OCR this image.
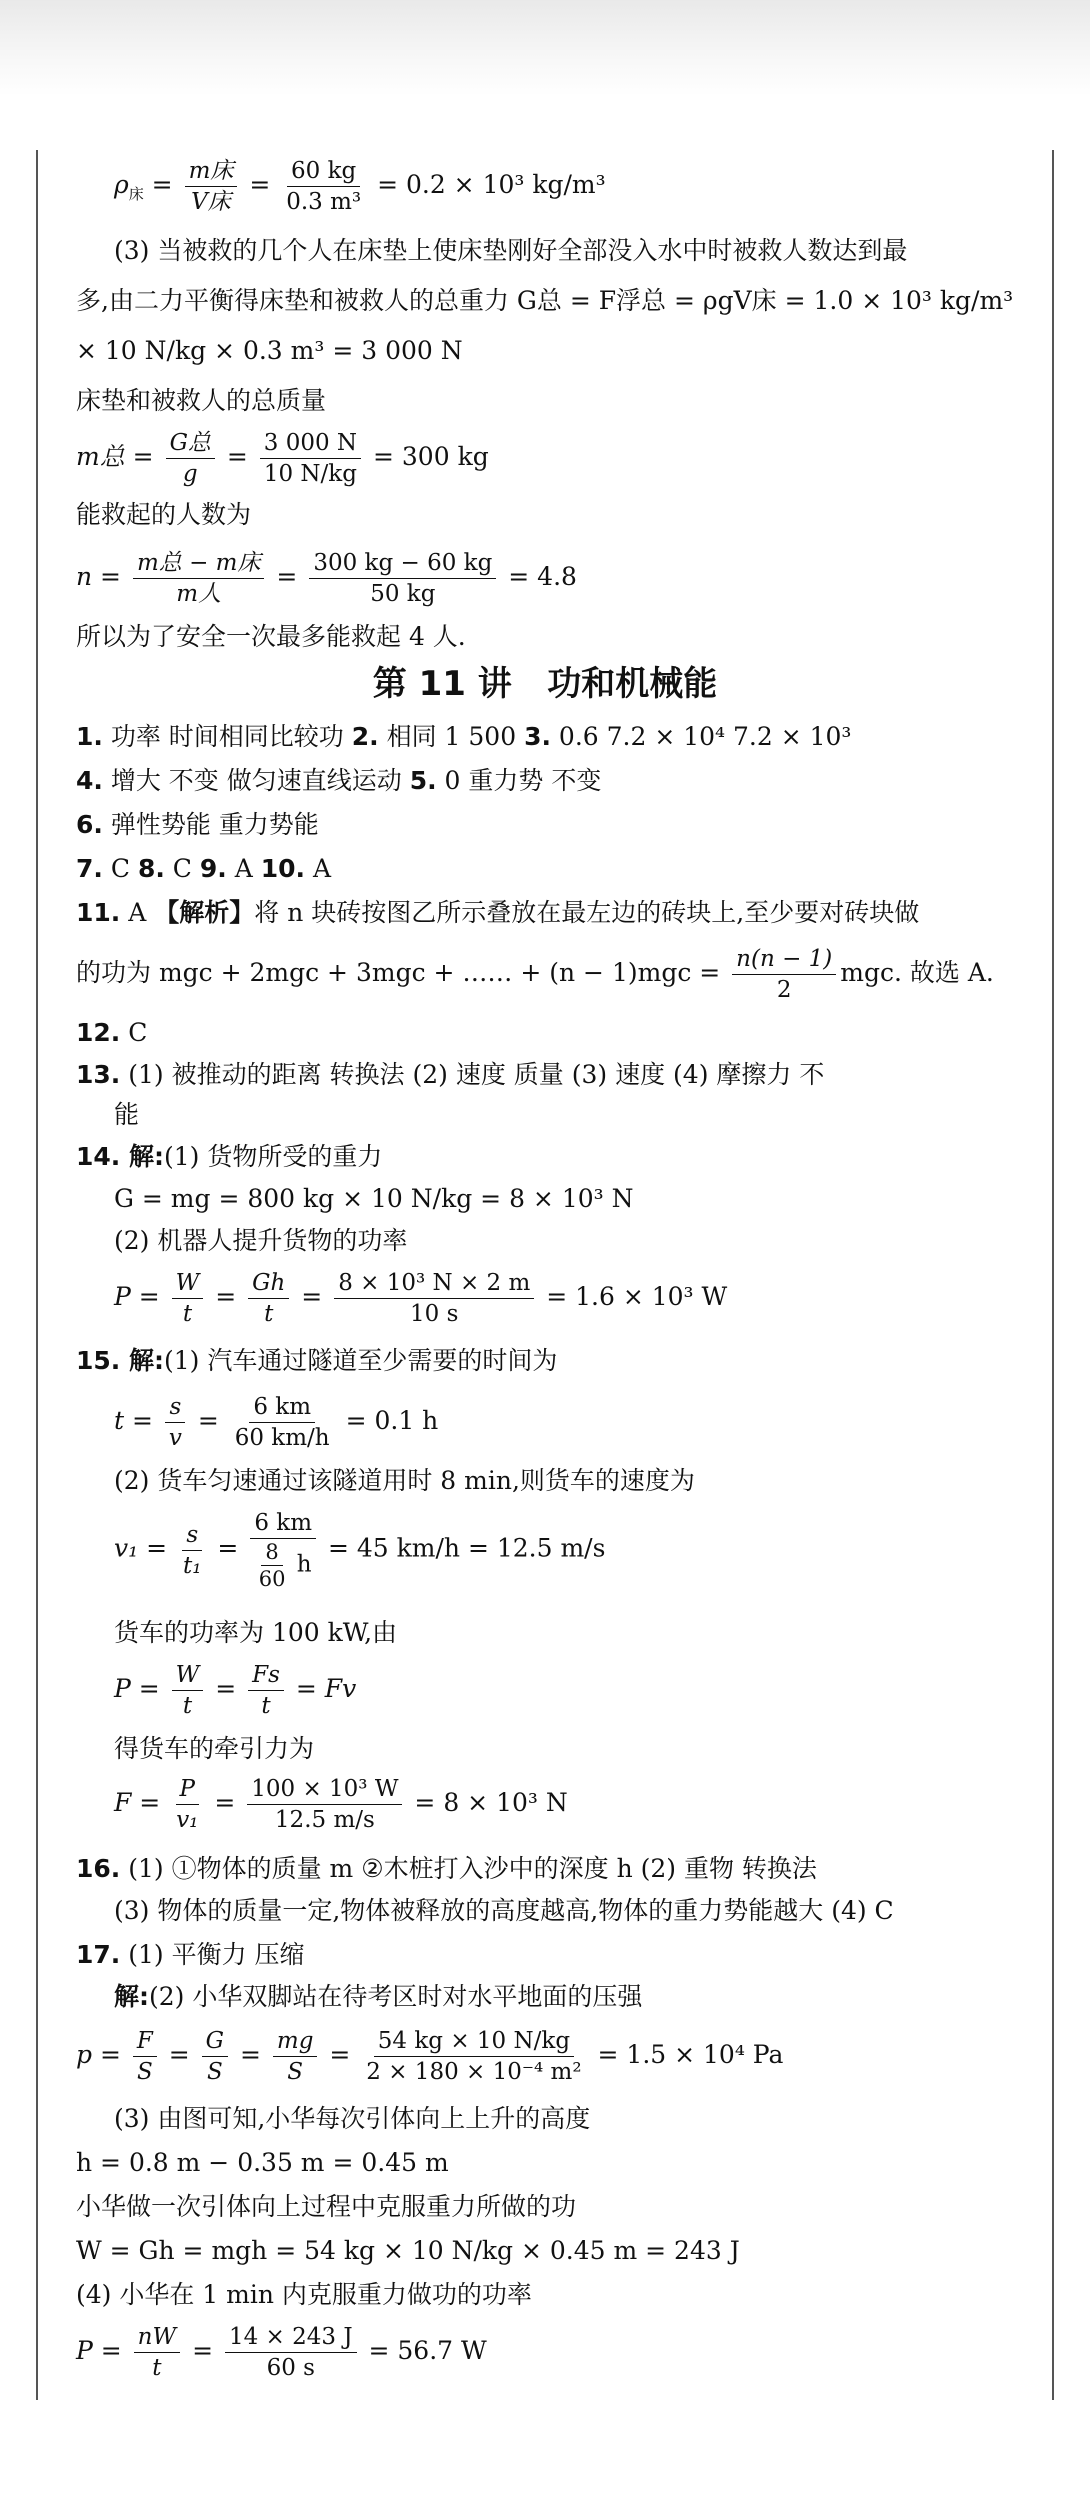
$\rho_床 = \frac{\text{m床}}{\text{V床}} = \frac{60 kg}{\text{0.3 m³}} = 0.2 \times 10^3$ kg/m³
(3) 当被救的几个人在床垫上使床垫刚好全部没入水中时被救人数达到最
多,由二力平衡得床垫和被救人的总重力 G总 = F浮总 = ρgV床 = 1.0 × 10³ kg/m³
× 10 N/kg × 0.3 m³ = 3 000 N
床垫和被救人的总质量
m总 = $\frac{\text{G总}}{g} = \frac{3 000 N}{10 N/kg} = 300$ kg
能救起的人数为
$n = \frac{\text{m总 − m床}}{\text{m人}} = \frac{300 kg - 60 kg}{50 kg} = 4.8$
所以为了安全一次最多能救起 4 人.
第 11 讲   功和机械能
1. 功率 时间相同比较功 2. 相同 1 500 3. 0.6 7.2 × 10⁴ 7.2 × 10³
4. 增大 不变 做匀速直线运动 5. 0 重力势 不变
6. 弹性势能 重力势能
7. C 8. C 9. A 10. A
11. A 【解析】将 n 块砖按图乙所示叠放在最左边的砖块上,至少要对砖块做
的功为 mgc + 2mgc + 3mgc + …… + $(n - 1)mgc = \frac{n(n - 1)}{2}$ mgc. 故选 A.
12. C
13. (1) 被推动的距离 转换法 (2) 速度 质量 (3) 速度 (4) 摩擦力 不
能
14. 解:(1) 货物所受的重力
G = mg = 800 kg × 10 N/kg = 8 × 10³ N
(2) 机器人提升货物的功率
$P = \frac{W}{t} = \frac{Gh}{t} = \frac{\text{8 × 10³ N × 2 m}}{10 s} = 1.6 \times 10^3$ W
15. 解:(1) 汽车通过隧道至少需要的时间为
$t = \frac{s}{v} = \frac{6 km}{60 km/h} = 0.1$ h
(2) 货车匀速通过该隧道用时 8 min,则货车的速度为
$v_1 = \frac{s}{\text{t₁}} = \frac{6 km}{\frac{8}{60} h} = 45$ km/h = 12.5 m/s
货车的功率为 100 kW,由
$P = \frac{W}{t} = \frac{Fs}{t} = Fv$
得货车的牵引力为
$F = \frac{P}{\text{v₁}} = \frac{\text{100 × 10³ W}}{12.5 m/s} = 8 \times 10^3$ N
16. (1) ①物体的质量 m ②木桩打入沙中的深度 h (2) 重物 转换法
(3) 物体的质量一定,物体被释放的高度越高,物体的重力势能越大 (4) C
17. (1) 平衡力 压缩
解:(2) 小华双脚站在待考区时对水平地面的压强
$p = \frac{F}{S} = \frac{G}{S} = \frac{mg}{S} = \frac{54 kg \times 10 N/kg}{\text{2 × 180 × 10⁻⁴ m²}} = 1.5 \times 10^4$ Pa
(3) 由图可知,小华每次引体向上上升的高度
h = 0.8 m − 0.35 m = 0.45 m
小华做一次引体向上过程中克服重力所做的功
W = Gh = mgh = 54 kg × 10 N/kg × 0.45 m = 243 J
(4) 小华在 1 min 内克服重力做功的功率
$P = \frac{nW}{t} = \frac{14 \times 243 J}{60 s} = 56.7$ W
